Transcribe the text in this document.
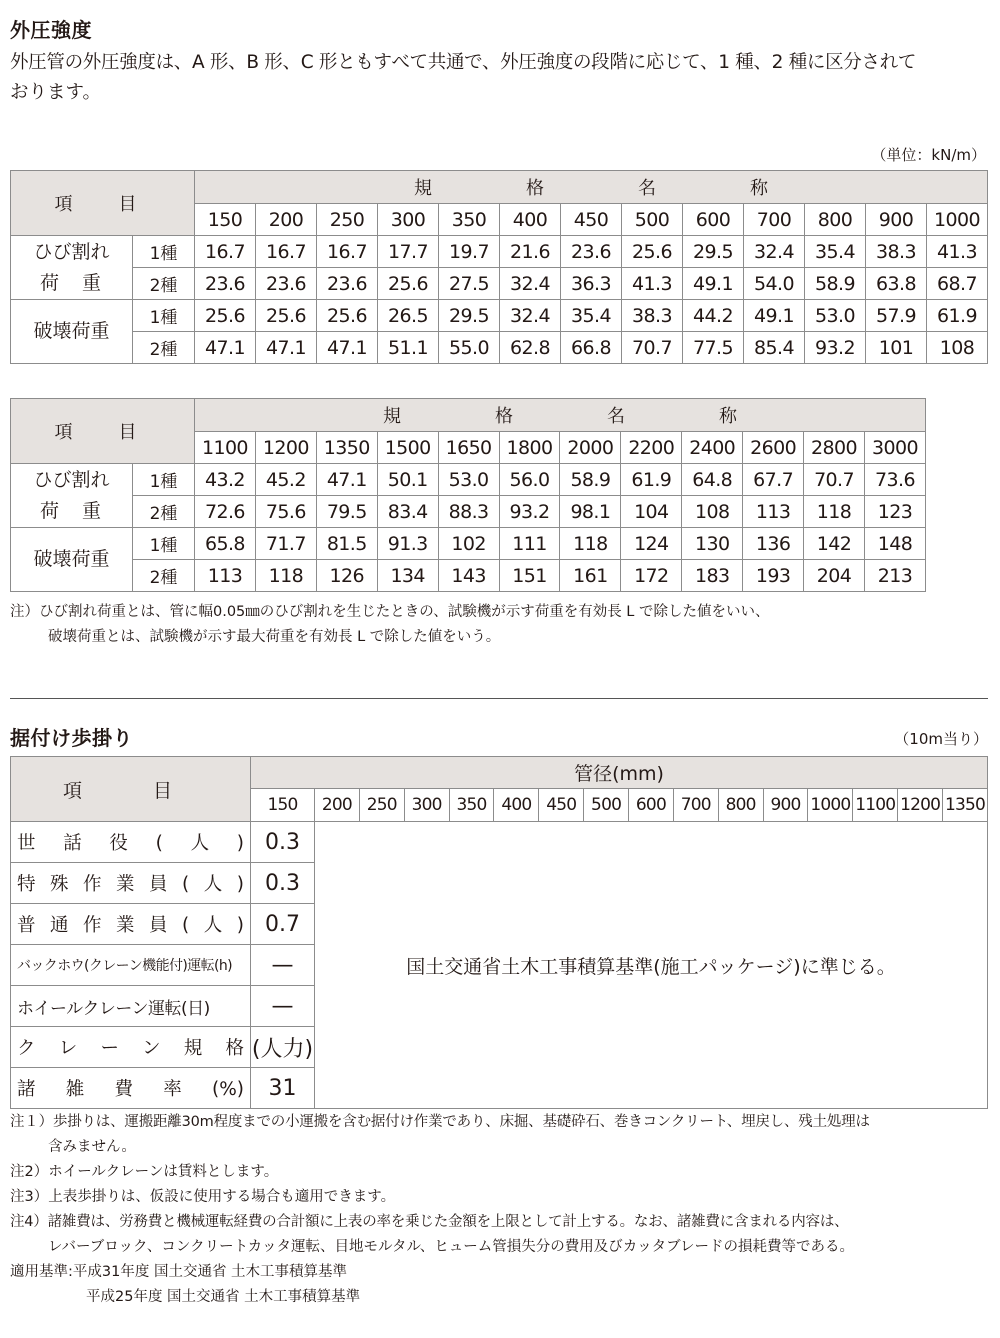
外圧強度
外圧管の外圧強度は、A 形、B 形、C 形ともすべて共通で、外圧強度の段階に応じて、1 種、2 種に区分されて
おります。
（単位：kN/m）
項　目		規　格　名　称												
		150	200	250	300	350	400	450	500	600	700	800	900	1000

ひび割れ
荷　重	1種	16.7	16.7	16.7	17.7	19.7	21.6	23.6	25.6	29.5	32.4	35.4	38.3	41.3
	2種	23.6	23.6	23.6	25.6	27.5	32.4	36.3	41.3	49.1	54.0	58.9	63.8	68.7

破壊荷重	1種	25.6	25.6	25.6	26.5	29.5	32.4	35.4	38.3	44.2	49.1	53.0	57.9	61.9
	2種	47.1	47.1	47.1	51.1	55.0	62.8	66.8	70.7	77.5	85.4	93.2	101	108
項　目		規　格　名　称											
		1100	1200	1350	1500	1650	1800	2000	2200	2400	2600	2800	3000

ひび割れ
荷　重	1種	43.2	45.2	47.1	50.1	53.0	56.0	58.9	61.9	64.8	67.7	70.7	73.6
	2種	72.6	75.6	79.5	83.4	88.3	93.2	98.1	104	108	113	118	123

破壊荷重	1種	65.8	71.7	81.5	91.3	102	111	118	124	130	136	142	148
	2種	113	118	126	134	143	151	161	172	183	193	204	213
注）ひび割れ荷重とは、管に幅0.05㎜のひび割れを生じたときの、試験機が示す荷重を有効長 L で除した値をいい、
破壊荷重とは、試験機が示す最大荷重を有効長 L で除した値をいう。
据付け歩掛り	（10m当り）
項　目	管径(mm)															
	150	200	250	300	350	400	450	500	600	700	800	900	1000	1100	1200	1350
世話役(人)	0.3	国土交通省土木工事積算基準(施工パッケージ)に準じる。														
特殊作業員(人)	0.3															
普通作業員(人)	0.7															
バックホウ(クレーン機能付)運転(h)	—															
ホイールクレーン運転(日)	—															
クレーン規格	(人力)															
諸雑費率(%)	31															
注１）歩掛りは、運搬距離30m程度までの小運搬を含む据付け作業であり、床掘、基礎砕石、巻きコンクリート、埋戻し、残土処理は
含みません。
注2）ホイールクレーンは賃料とします。
注3）上表歩掛りは、仮設に使用する場合も適用できます。
注4）諸雑費は、労務費と機械運転経費の合計額に上表の率を乗じた金額を上限として計上する。なお、諸雑費に含まれる内容は、
レバーブロック、コンクリートカッタ運転、目地モルタル、ヒューム管損失分の費用及びカッタブレードの損耗費等である。
適用基準:平成31年度 国土交通省 土木工事積算基準
平成25年度 国土交通省 土木工事積算基準
